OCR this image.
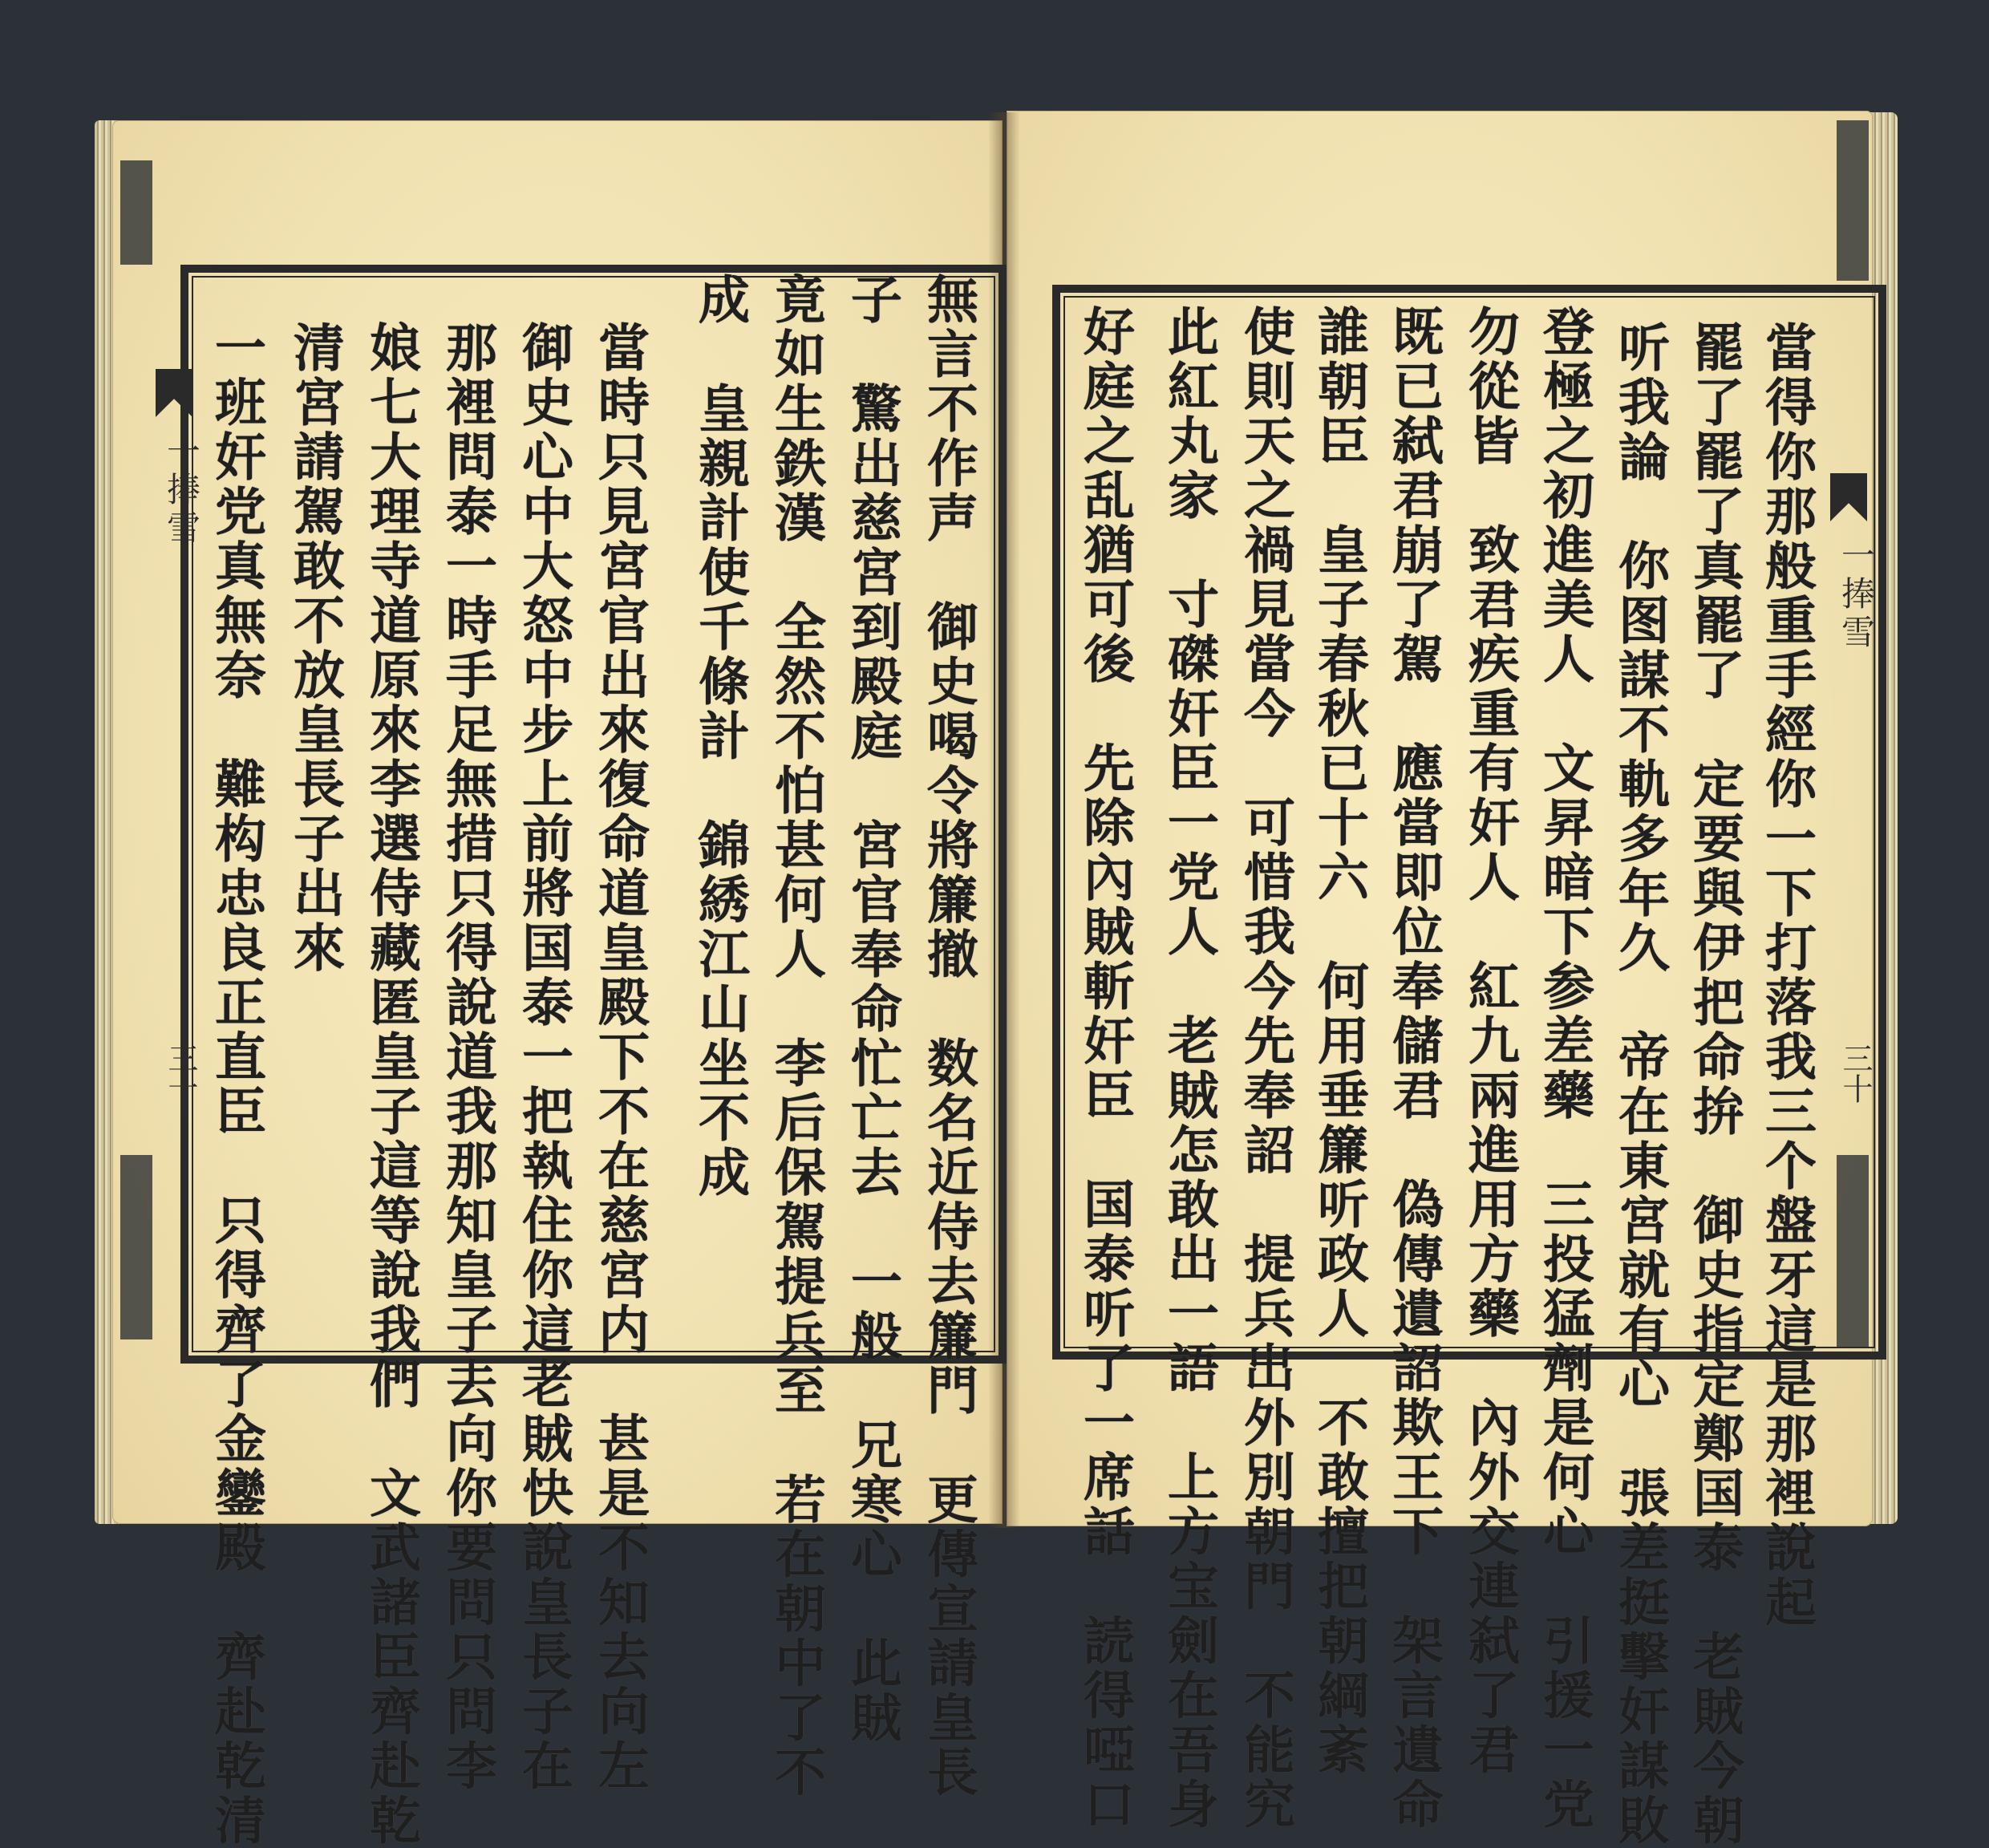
一捧雪
三十
一捧雪
三十
無言不作声　御史喝令將簾撤　数名近侍去簾門　更傳宣請皇長
子　驚出慈宮到殿庭　宮官奉命忙亡去　一般　兄寒心　此賊
竟如生鉄漢　全然不怕甚何人　李后保駕提兵至　若在朝中了不
成　皇親計使千條計　錦綉江山坐不成
當時只見宮官出來復命道皇殿下不在慈宮内　甚是不知去向左
御史心中大怒中步上前將国泰一把執住你這老賊快說皇長子在
那裡問泰一時手足無措只得說道我那知皇子去向你要問只問李
娘七大理寺道原來李選侍藏匿皇子這等說我們　文武諸臣齊赴乾
清宮請駕敢不放皇長子出來
一班奸党真無奈　難构忠良正直臣　只得齊了金鑾殿　齊赴乾清	當得你那般重手經你一下打落我三个盤牙這是那裡說起
罷了罷了真罷了　定要與伊把命拚　御史指定鄭国泰　老賊今朝
听我論　你图謀不軌多年久　帝在東宮就有心　張差挺擊奸謀敗
登極之初進美人　文昇暗下参差藥　三投猛劑是何心　引援一党
勿從皆　致君疾重有奸人　紅九兩進用方藥　內外交連弑了君
既已弑君崩了駕　應當即位奉儲君　偽傳遺詔欺王下　架言遺命
誰朝臣　皇子春秋已十六　何用垂簾听政人　不敢擅把朝綱紊
使則天之禍見當今　可惜我今先奉詔　提兵出外別朝門　不能究
此紅丸家　寸磔奸臣一党人　老賊怎敢出一語　上方宝劍在吾身
好庭之乱猶可後　先除內賊斬奸臣　国泰听了一席話　読得啞口
